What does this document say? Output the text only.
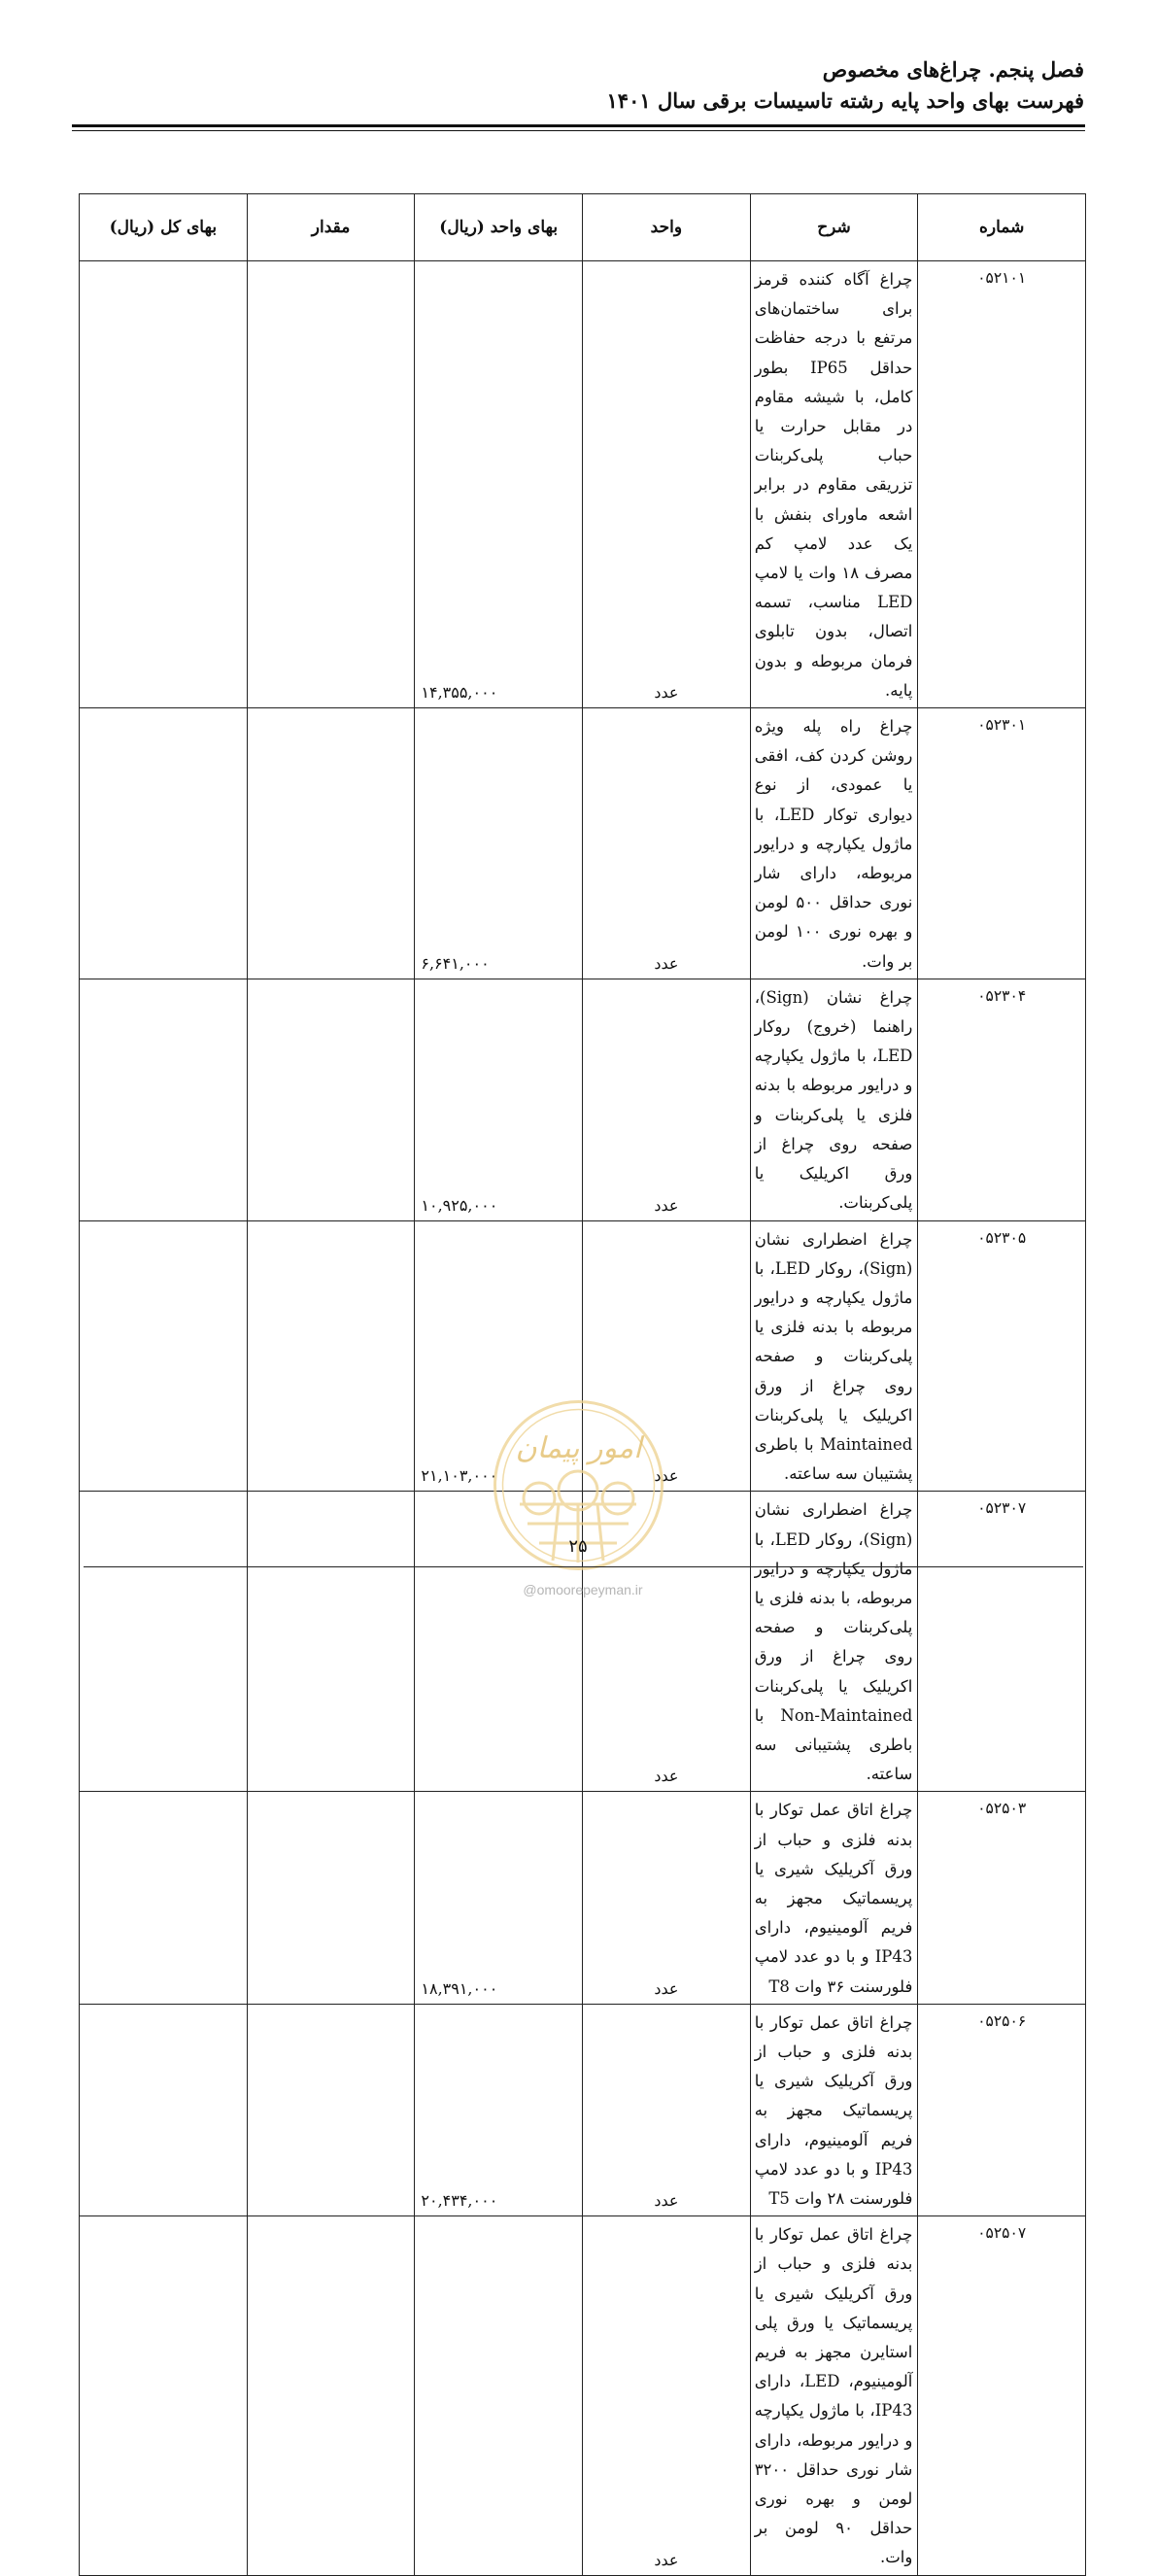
فصل پنجم. چراغ‌های مخصوص
فهرست بهای واحد پایه رشته تاسیسات برقی سال ۱۴۰۱
شماره	شرح	واحد	بهای واحد (ریال)	مقدار	بهای کل (ریال)
۰۵۲۱۰۱	چراغ آگاه کننده قرمز برای ساختمان‌های مرتفع با درجه حفاظت حداقل IP65 بطور کامل، با شیشه مقاوم در مقابل حرارت یا حباب پلی‌کربنات تزریقی مقاوم در برابر اشعه ماورای بنفش با یک عدد لامپ کم مصرف ۱۸ وات یا لامپ LED مناسب، تسمه اتصال، بدون تابلوی فرمان مربوطه و بدون پایه.	عدد	۱۴,۳۵۵,۰۰۰		
۰۵۲۳۰۱	چراغ راه پله ویژه روشن کردن کف، افقی یا عمودی، از نوع دیواری توکار LED، با ماژول یکپارچه و درایور مربوطه، دارای شار نوری حداقل ۵۰۰ لومن و بهره نوری ۱۰۰ لومن بر وات.	عدد	۶,۶۴۱,۰۰۰		
۰۵۲۳۰۴	چراغ نشان (Sign)، راهنما (خروج) روکار LED، با ماژول یکپارچه و درایور مربوطه با بدنه فلزی یا پلی‌کربنات و صفحه روی چراغ از ورق اکریلیک یا پلی‌کربنات.	عدد	۱۰,۹۲۵,۰۰۰		
۰۵۲۳۰۵	چراغ اضطراری نشان (Sign)، روکار LED، با ماژول یکپارچه و درایور مربوطه با بدنه فلزی یا پلی‌کربنات و صفحه روی چراغ از ورق اکریلیک یا پلی‌کربنات Maintained با باطری پشتیبان سه ساعته.	عدد	۲۱,۱۰۳,۰۰۰		
۰۵۲۳۰۷	چراغ اضطراری نشان (Sign)، روکار LED، با ماژول یکپارچه و درایور مربوطه، با بدنه فلزی یا پلی‌کربنات و صفحه روی چراغ از ورق اکریلیک یا پلی‌کربنات Non-Maintained با باطری پشتیبانی سه ساعته.	عدد			
۰۵۲۵۰۳	چراغ اتاق عمل توکار با بدنه فلزی و حباب از ورق آکریلیک شیری یا پریسماتیک مجهز به فریم آلومینیوم، دارای IP43 و با دو عدد لامپ فلورسنت ۳۶ وات T8	عدد	۱۸,۳۹۱,۰۰۰		
۰۵۲۵۰۶	چراغ اتاق عمل توکار با بدنه فلزی و حباب از ورق آکریلیک شیری یا پریسماتیک مجهز به فریم آلومینیوم، دارای IP43 و با دو عدد لامپ فلورسنت ۲۸ وات T5	عدد	۲۰,۴۳۴,۰۰۰		
۰۵۲۵۰۷	چراغ اتاق عمل توکار با بدنه فلزی و حباب از ورق آکریلیک شیری یا پریسماتیک یا ورق پلی استایرن مجهز به فریم آلومینیوم، LED، دارای IP43، با ماژول یکپارچه و درایور مربوطه، دارای شار نوری حداقل ۳۲۰۰ لومن و بهره نوری حداقل ۹۰ لومن بر وات.	عدد			
امور پیمان
۲۵
@omoorepeyman.ir
